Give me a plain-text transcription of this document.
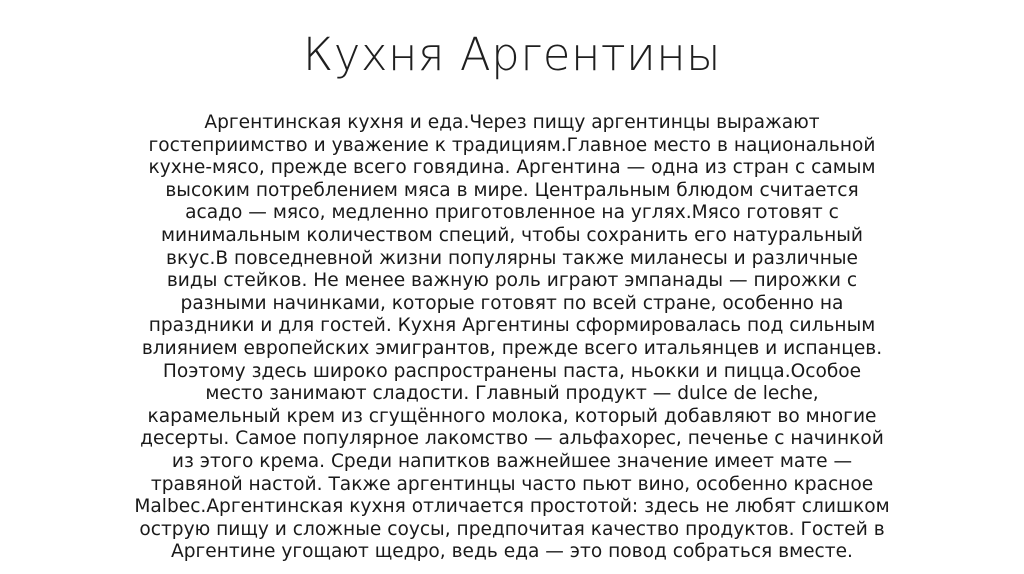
Кухня Аргентины
Аргентинская кухня и еда.Через пищу аргентинцы выражают
гостеприимство и уважение к традициям.Главное место в национальной
кухне-мясо, прежде всего говядина. Аргентина — одна из стран с самым
высоким потреблением мяса в мире. Центральным блюдом считается
асадо — мясо, медленно приготовленное на углях.Мясо готовят с
минимальным количеством специй, чтобы сохранить его натуральный
вкус.В повседневной жизни популярны также миланесы и различные
виды стейков. Не менее важную роль играют эмпанады — пирожки с
разными начинками, которые готовят по всей стране, особенно на
праздники и для гостей. Кухня Аргентины сформировалась под сильным
влиянием европейских эмигрантов, прежде всего итальянцев и испанцев.
Поэтому здесь широко распространены паста, ньокки и пицца.Особое
место занимают сладости. Главный продукт — dulce de leche,
карамельный крем из сгущённого молока, который добавляют во многие
десерты. Самое популярное лакомство — альфахорес, печенье с начинкой
из этого крема. Среди напитков важнейшее значение имеет мате —
травяной настой. Также аргентинцы часто пьют вино, особенно красное
Malbec.Аргентинская кухня отличается простотой: здесь не любят слишком
острую пищу и сложные соусы, предпочитая качество продуктов. Гостей в
Аргентине угощают щедро, ведь еда — это повод собраться вместе.
